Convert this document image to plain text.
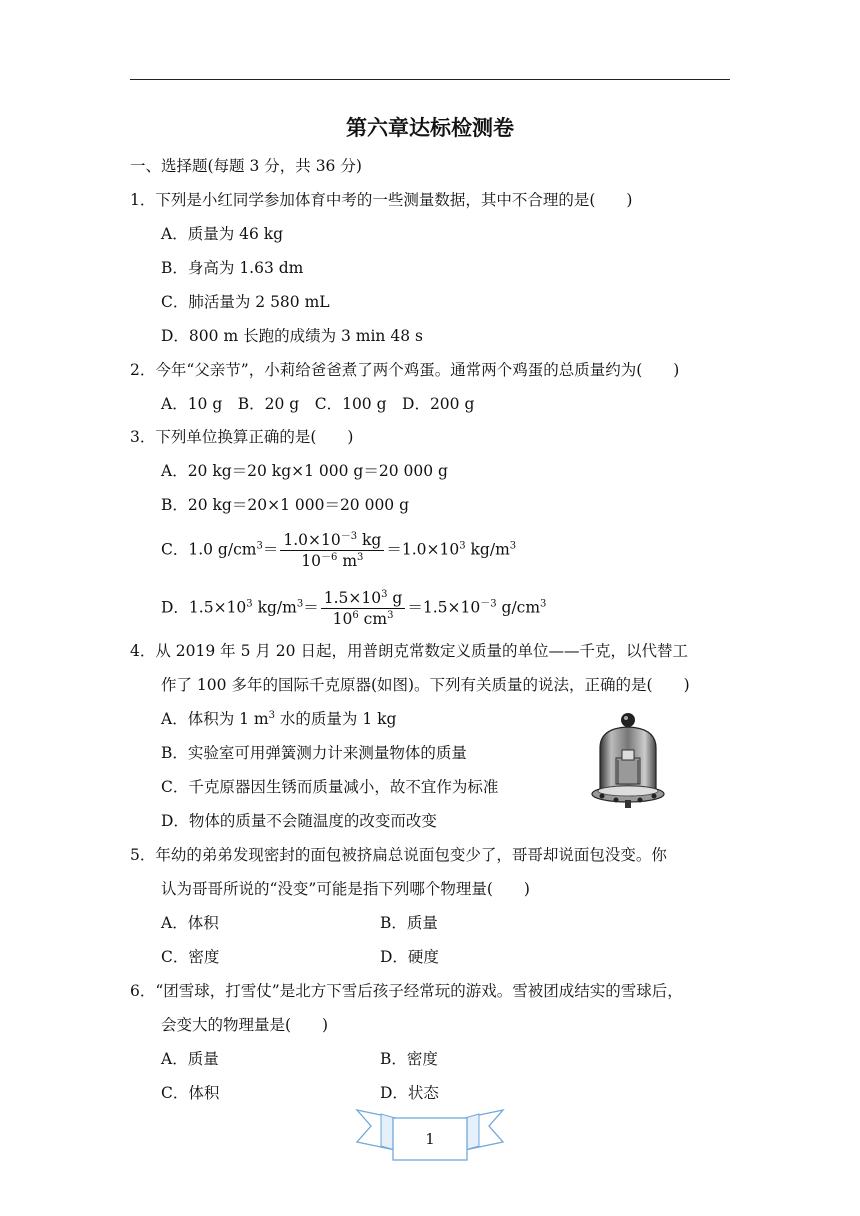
第六章达标检测卷
一、选择题(每题 3 分，共 36 分)
1．下列是小红同学参加体育中考的一些测量数据，其中不合理的是(　　)
A．质量为 46 kg
B．身高为 1.63 dm
C．肺活量为 2 580 mL
D．800 m 长跑的成绩为 3 min 48 s
2．今年“父亲节”，小莉给爸爸煮了两个鸡蛋。通常两个鸡蛋的总质量约为(　　)
A．10 g　B．20 g　C．100 g　D．200 g
3．下列单位换算正确的是(　　)
A．20 kg＝20 kg×1 000 g＝20 000 g
B．20 kg＝20×1 000＝20 000 g
C．1.0 $g/cm^3= \frac{1.0\times 10^{-3} kg}{10^{-6} m^3} =1.0\times 10^3$ $kg/m^3$
D．$1.5\times 10^3$ $kg/m^3= \frac{1.5\times 10^3 g}{10^6 cm^3} =1.5\times 10^{-3}$ $g/cm^3$
4．从 2019 年 5 月 20 日起，用普朗克常数定义质量的单位——千克，以代替工
作了 100 多年的国际千克原器(如图)。下列有关质量的说法，正确的是(　　)
A．体积为 1 $m^3$ 水的质量为 1 kg
B．实验室可用弹簧测力计来测量物体的质量
C．千克原器因生锈而质量减小，故不宜作为标准
D．物体的质量不会随温度的改变而改变
5．年幼的弟弟发现密封的面包被挤扁总说面包变少了，哥哥却说面包没变。你
认为哥哥所说的“没变”可能是指下列哪个物理量(　　)
A．体积	B．质量
C．密度	D．硬度
6．“团雪球，打雪仗”是北方下雪后孩子经常玩的游戏。雪被团成结实的雪球后，
会变大的物理量是(　　)
A．质量	B．密度
C．体积	D．状态
1
